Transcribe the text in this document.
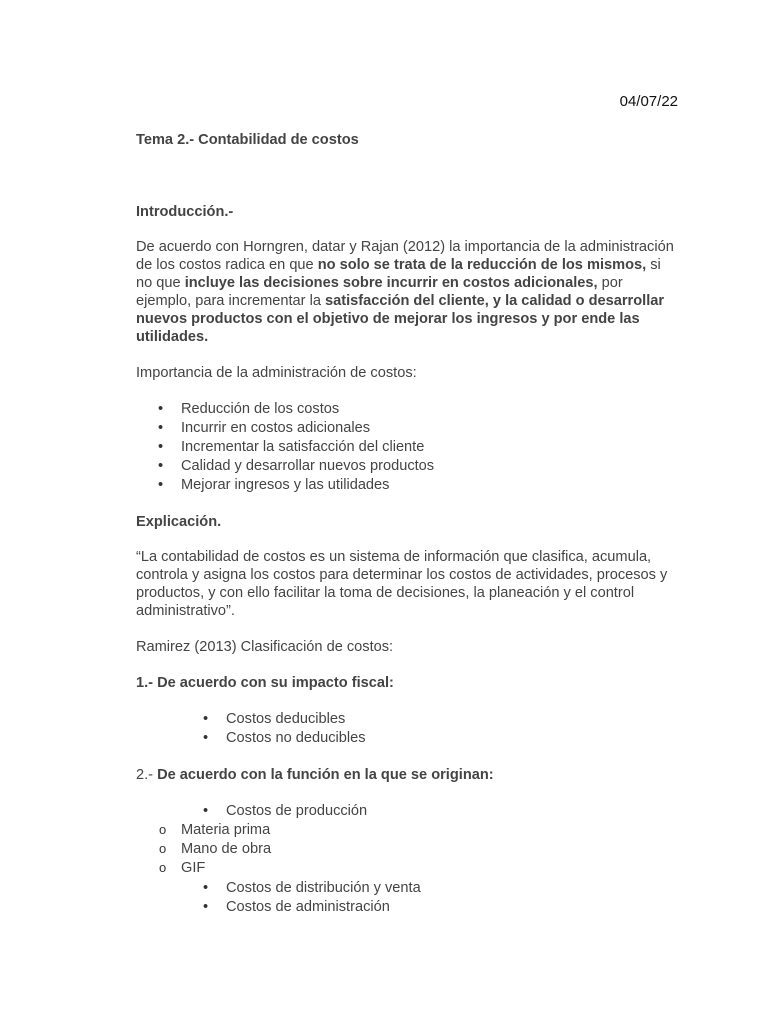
04/07/22

Tema 2.- Contabilidad de costos

Introducción.-

De acuerdo con Horngren, datar y Rajan (2012) la importancia de la administración de los costos radica en que no solo se trata de la reducción de los mismos, si no que incluye las decisiones sobre incurrir en costos adicionales, por ejemplo, para incrementar la satisfacción del cliente, y la calidad o desarrollar nuevos productos con el objetivo de mejorar los ingresos y por ende las utilidades.

Importancia de la administración de costos:

• Reducción de los costos
• Incurrir en costos adicionales
• Incrementar la satisfacción del cliente
• Calidad y desarrollar nuevos productos
• Mejorar ingresos y las utilidades

Explicación.

“La contabilidad de costos es un sistema de información que clasifica, acumula, controla y asigna los costos para determinar los costos de actividades, procesos y productos, y con ello facilitar la toma de decisiones, la planeación y el control administrativo”.

Ramirez (2013) Clasificación de costos:

1.- De acuerdo con su impacto fiscal:

• Costos deducibles
• Costos no deducibles

2.- De acuerdo con la función en la que se originan:

• Costos de producción
o Materia prima
o Mano de obra
o GIF
• Costos de distribución y venta
• Costos de administración
